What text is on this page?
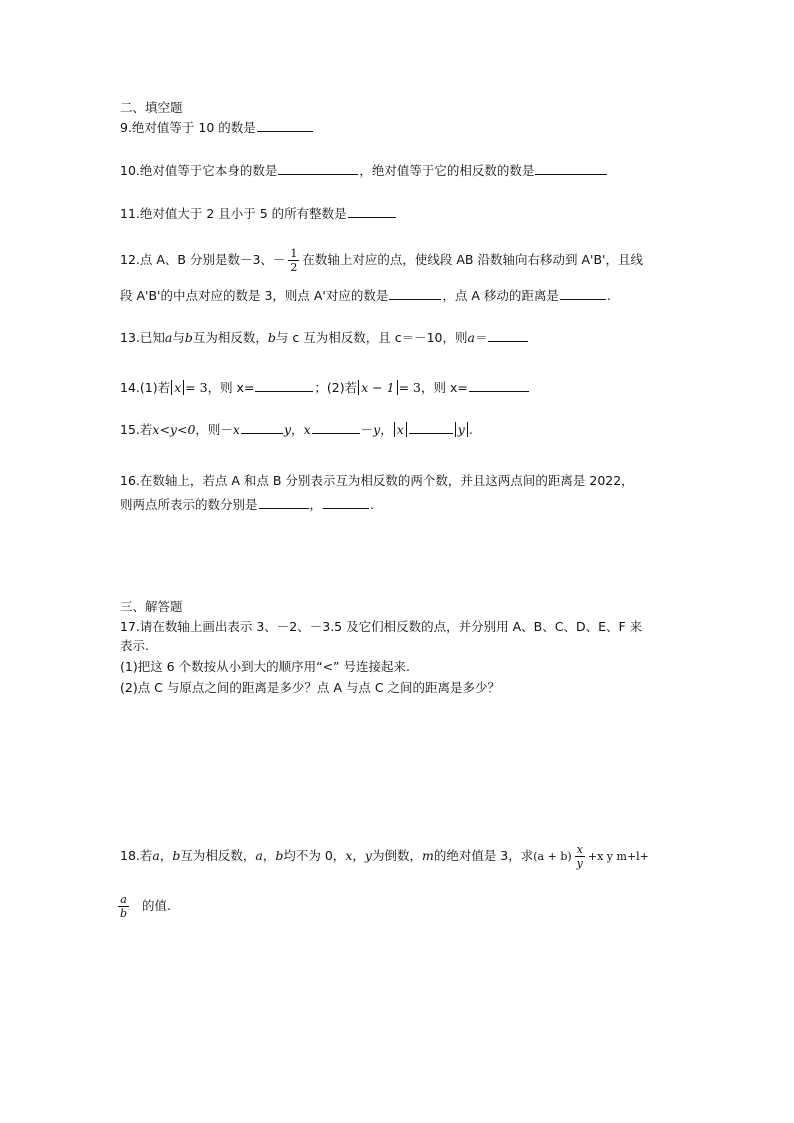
二、填空题
9.绝对值等于 10 的数是
10.绝对值等于它本身的数是	，绝对值等于它的相反数的数是
11.绝对值大于 2 且小于 5 的所有整数是
12.点 A、B 分别是数－3、－ $\frac{1}{2}$ 在数轴上对应的点，使线段 AB 沿数轴向右移动到 A'B'，且线
段 A'B'的中点对应的数是 3，则点 A'对应的数是	，点 A 移动的距离是	.
13.已知a与b互为相反数，b与 c 互为相反数，且 c＝－10，则a＝
14.(1)若 x = 3，则 x=	；(2)若 x − 1 = 3，则 x=
15.若x<y<0，则－x	y，x	－y， x	y .
16.在数轴上，若点 A 和点 B 分别表示互为相反数的两个数，并且这两点间的距离是 2022，
则两点所表示的数分别是	，	.
三、解答题
17.请在数轴上画出表示 3、－2、－3.5 及它们相反数的点，并分别用 A、B、C、D、E、F 来
表示.
(1)把这 6 个数按从小到大的顺序用“<” 号连接起来.
(2)点 C 与原点之间的距离是多少？点 A 与点 C 之间的距离是多少？
18.若a，b互为相反数，a，b均不为 0，x，y为倒数，m的绝对值是 3，求$(a + b) \frac{x}{y} +x$ y m+l+
$\frac{a}{b}$ 的值.
